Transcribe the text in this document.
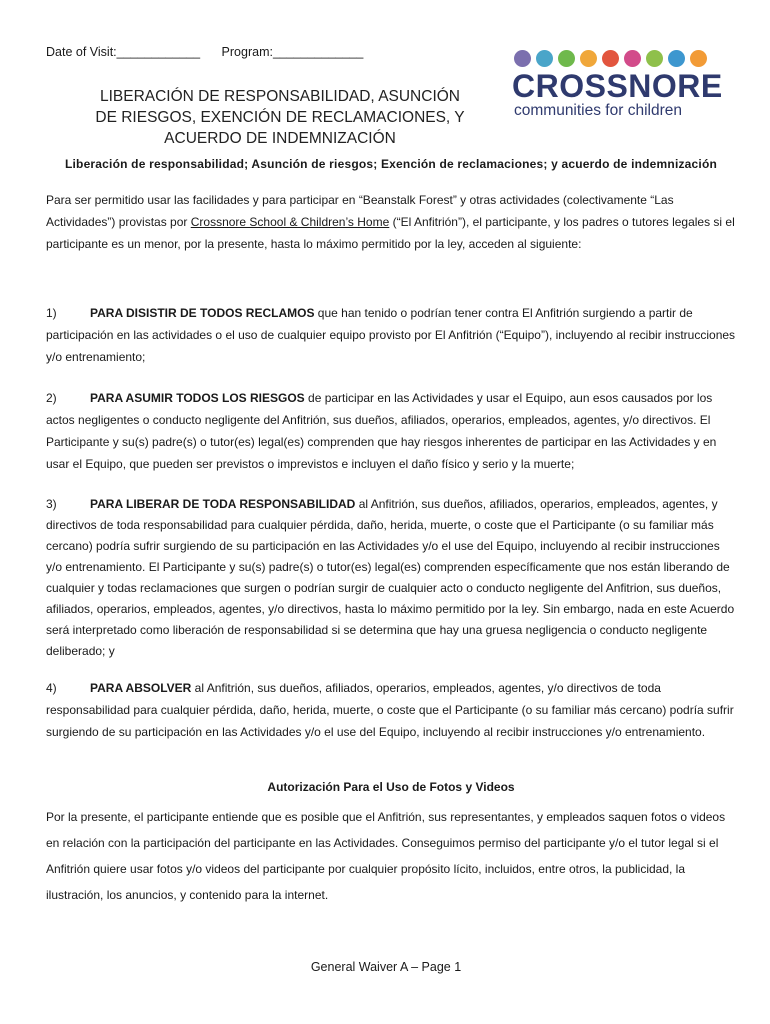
Date of Visit:____________ Program:_____________
LIBERACIÓN DE RESPONSABILIDAD, ASUNCIÓN
DE RIESGOS, EXENCIÓN DE RECLAMACIONES, Y
ACUERDO DE INDEMNIZACIÓN
CROSSNORE
communities for children
Liberación de responsabilidad; Asunción de riesgos; Exención de reclamaciones; y acuerdo de indemnización
Para ser permitido usar las facilidades y para participar en “Beanstalk Forest” y otras actividades (colectivamente “Las Actividades”) provistas por Crossnore School & Children’s Home (“El Anfitrión”), el participante, y los padres o tutores legales si el participante es un menor, por la presente, hasta lo máximo permitido por la ley, acceden al siguiente:
1)	PARA DISISTIR DE TODOS RECLAMOS que han tenido o podrían tener contra El Anfitrión surgiendo a partir de participación en las actividades o el uso de cualquier equipo provisto por El Anfitrión (“Equipo”), incluyendo al recibir instrucciones y/o entrenamiento;
2)	PARA ASUMIR TODOS LOS RIESGOS de participar en las Actividades y usar el Equipo, aun esos causados por los actos negligentes o conducto negligente del Anfitrión, sus dueños, afiliados, operarios, empleados, agentes, y/o directivos. El Participante y su(s) padre(s) o tutor(es) legal(es) comprenden que hay riesgos inherentes de participar en las Actividades y en usar el Equipo, que pueden ser previstos o imprevistos e incluyen el daño físico y serio y la muerte;
3)	PARA LIBERAR DE TODA RESPONSABILIDAD al Anfitrión, sus dueños, afiliados, operarios, empleados, agentes, y directivos de toda responsabilidad para cualquier pérdida, daño, herida, muerte, o coste que el Participante (o su familiar más cercano) podría sufrir surgiendo de su participación en las Actividades y/o el use del Equipo, incluyendo al recibir instrucciones y/o entrenamiento. El Participante y su(s) padre(s) o tutor(es) legal(es) comprenden específicamente que nos están liberando de cualquier y todas reclamaciones que surgen o podrían surgir de cualquier acto o conducto negligente del Anfitrion, sus dueños, afiliados, operarios, empleados, agentes, y/o directivos, hasta lo máximo permitido por la ley. Sin embargo, nada en este Acuerdo será interpretado como liberación de responsabilidad si se determina que hay una gruesa negligencia o conducto negligente deliberado; y
4)	PARA ABSOLVER al Anfitrión, sus dueños, afiliados, operarios, empleados, agentes, y/o directivos de toda responsabilidad para cualquier pérdida, daño, herida, muerte, o coste que el Participante (o su familiar más cercano) podría sufrir surgiendo de su participación en las Actividades y/o el use del Equipo, incluyendo al recibir instrucciones y/o entrenamiento.
Autorización Para el Uso de Fotos y Videos
Por la presente, el participante entiende que es posible que el Anfitrión, sus representantes, y empleados saquen fotos o videos en relación con la participación del participante en las Actividades. Conseguimos permiso del participante y/o el tutor legal si el Anfitrión quiere usar fotos y/o videos del participante por cualquier propósito lícito, incluidos, entre otros, la publicidad, la ilustración, los anuncios, y contenido para la internet.
General Waiver A – Page 1
